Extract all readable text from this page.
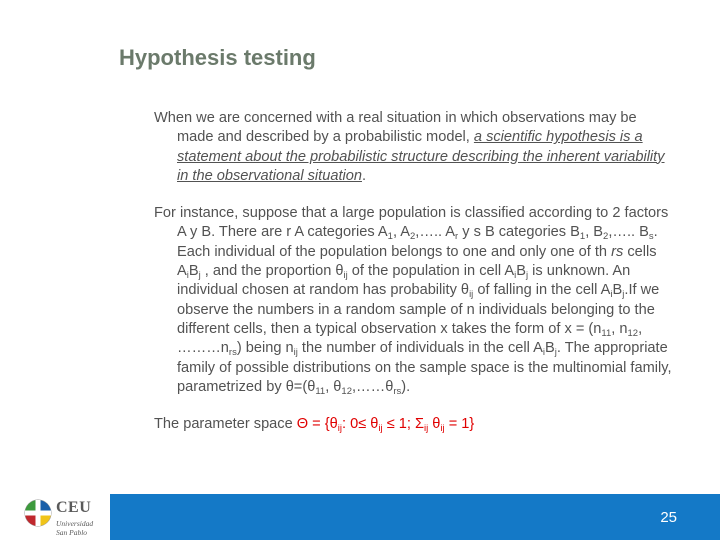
Hypothesis testing

When we are concerned with a real situation in which observations may be made and described by a probabilistic model, a scientific hypothesis is a statement about the probabilistic structure describing the inherent variability in the observational situation.

For instance, suppose that a large population is classified according to 2 factors A y B. There are r A categories $A_1$, $A_2,\dots$.. $A_r$ y s B categories $B_1$, $B_2,\dots$.. $B_s$. Each individual of the population belongs to one and only one of th rs cells $A_iB_j$ , and the proportion $\theta_{ij}$ of the population in cell $A_iB_j$ is unknown. An individual chosen at random has probability $\theta_{ij}$ of falling in the cell $A_iB_j.If$ we observe the numbers in a random sample of n individuals belonging to the different cells, then a typical observation x takes the form of $x = (n_{11}$, $n_{12}$, $\dots\dots\dots n_{rs}$) being $n_{ij}$ the number of individuals in the cell $A_iB_j$. The appropriate family of possible distributions on the sample space is the multinomial family, parametrized by $\theta=(\theta_{11}$, $\theta_{12},\dots\dots\theta_{rs}$).

The parameter space $\Theta = \{\theta_{ij}$: $0\le \theta_{ij} \le 1$; $\Sigma_{ij}$ $\theta_{ij} = 1$}

25
CEU
Universidad
San Pablo
